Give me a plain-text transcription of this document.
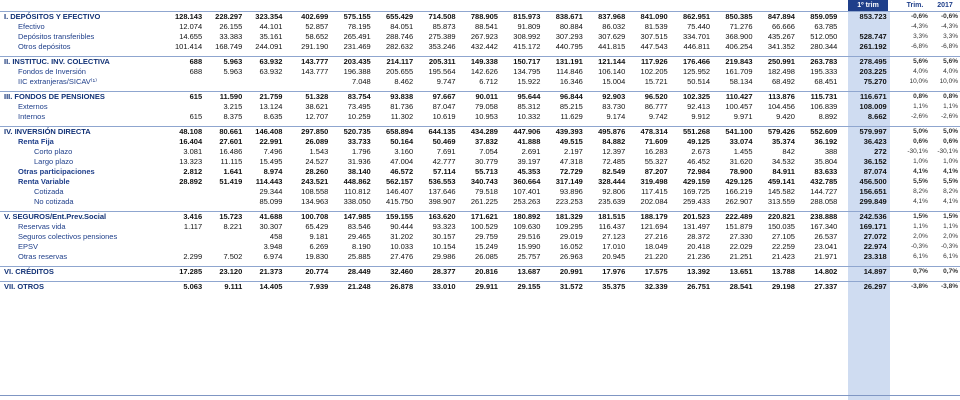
1º trim	Trim.	2017
I. DEPÓSITOS Y EFECTIVO	128.143	228.297	323.354	402.699	575.155	655.429	714.508	788.905	815.973	838.671	837.968	841.090	862.951	850.385	847.894	859.059	853.723	-0,6%	-0,6%
Efectivo	12.074	26.155	44.101	52.857	78.195	84.051	85.873	88.541	91.809	80.884	86.032	81.539	75.440	71.276	66.666	63.785		-4,3%	-4,3%
Depósitos transferibles	14.655	33.383	35.161	58.652	265.491	288.746	275.389	267.923	308.992	307.293	307.629	307.515	334.701	368.900	435.267	512.050	528.747	3,3%	3,3%
Otros depósitos	101.414	168.749	244.091	291.190	231.469	282.632	353.246	432.442	415.172	440.795	441.815	447.543	446.811	406.254	341.352	280.344	261.192	-6,8%	-6,8%

II. INSTITUC. INV. COLECTIVA	688	5.963	63.932	143.777	203.435	214.117	205.311	149.338	150.717	131.191	121.144	117.926	176.466	219.843	250.991	263.783	278.495	5,6%	5,6%
Fondos de Inversión	688	5.963	63.932	143.777	196.388	205.655	195.564	142.626	134.795	114.846	106.140	102.205	125.952	161.709	182.498	195.333	203.225	4,0%	4,0%
IIC extranjeras/SICAV⁽¹⁾					7.048	8.462	9.747	6.712	15.922	16.346	15.004	15.721	50.514	58.134	68.492	68.451	75.270	10,0%	10,0%

III. FONDOS DE PENSIONES	615	11.590	21.759	51.328	83.754	93.838	97.667	90.011	95.644	96.844	92.903	96.520	102.325	110.427	113.876	115.731	116.671	0,8%	0,8%
Externos		3.215	13.124	38.621	73.495	81.736	87.047	79.058	85.312	85.215	83.730	86.777	92.413	100.457	104.456	106.839	108.009	1,1%	1,1%
Internos	615	8.375	8.635	12.707	10.259	11.302	10.619	10.953	10.332	11.629	9.174	9.742	9.912	9.971	9.420	8.892	8.662	-2,6%	-2,6%

IV. INVERSIÓN DIRECTA	48.108	80.661	146.408	297.850	520.735	658.894	644.135	434.289	447.906	439.393	495.876	478.314	551.268	541.100	579.426	552.609	579.997	5,0%	5,0%
Renta Fija	16.404	27.601	22.991	26.089	33.733	50.164	50.469	37.832	41.888	49.515	84.882	71.609	49.125	33.074	35.374	36.192	36.423	0,6%	0,6%
Corto plazo	3.081	16.486	7.496	1.543	1.796	3.160	7.691	7.054	2.691	2.197	12.397	16.283	2.673	1.455	842	388	272	-30,1%	-30,1%
Largo plazo	13.323	11.115	15.495	24.527	31.936	47.004	42.777	30.779	39.197	47.318	72.485	55.327	46.452	31.620	34.532	35.804	36.152	1,0%	1,0%
Otras participaciones	2.812	1.641	8.974	28.260	38.140	46.572	57.114	55.713	45.353	72.729	82.549	87.207	72.984	78.900	84.911	83.633	87.074	4,1%	4,1%
Renta Variable	28.892	51.419	114.443	243.521	448.862	562.157	536.553	340.743	360.664	317.149	328.444	319.498	429.159	429.125	459.141	432.785	456.500	5,5%	5,5%
Cotizada			29.344	108.558	110.812	146.407	137.646	79.518	107.401	93.896	92.806	117.415	169.725	166.219	145.582	144.727	156.651	8,2%	8,2%
No cotizada			85.099	134.963	338.050	415.750	398.907	261.225	253.263	223.253	235.639	202.084	259.433	262.907	313.559	288.058	299.849	4,1%	4,1%

V. SEGUROS/Ent.Prev.Social	3.416	15.723	41.688	100.708	147.985	159.155	163.620	171.621	180.892	181.329	181.515	188.179	201.523	222.489	220.821	238.888	242.536	1,5%	1,5%
Reservas vida	1.117	8.221	30.307	65.429	83.546	90.444	93.323	100.529	109.630	109.295	116.437	121.694	131.497	151.879	150.035	167.340	169.171	1,1%	1,1%
Seguros colectivos pensiones			458	9.181	29.465	31.202	30.157	29.759	29.516	29.019	27.123	27.216	28.372	27.330	27.105	26.537	27.072	2,0%	2,0%
EPSV			3.948	6.269	8.190	10.033	10.154	15.249	15.990	16.052	17.010	18.049	20.418	22.029	22.259	23.041	22.974	-0,3%	-0,3%
Otras reservas	2.299	7.502	6.974	19.830	25.885	27.476	29.986	26.085	25.757	26.963	20.945	21.220	21.236	21.251	21.423	21.971	23.318	6,1%	6,1%

VI. CRÉDITOS	17.285	23.120	21.373	20.774	28.449	32.460	28.377	20.816	13.687	20.991	17.976	17.575	13.392	13.651	13.788	14.802	14.897	0,7%	0,7%

VII. OTROS	5.063	9.111	14.405	7.939	21.248	26.878	33.010	29.911	29.155	31.572	35.375	32.339	26.751	28.541	29.198	27.337	26.297	-3,8%	-3,8%
